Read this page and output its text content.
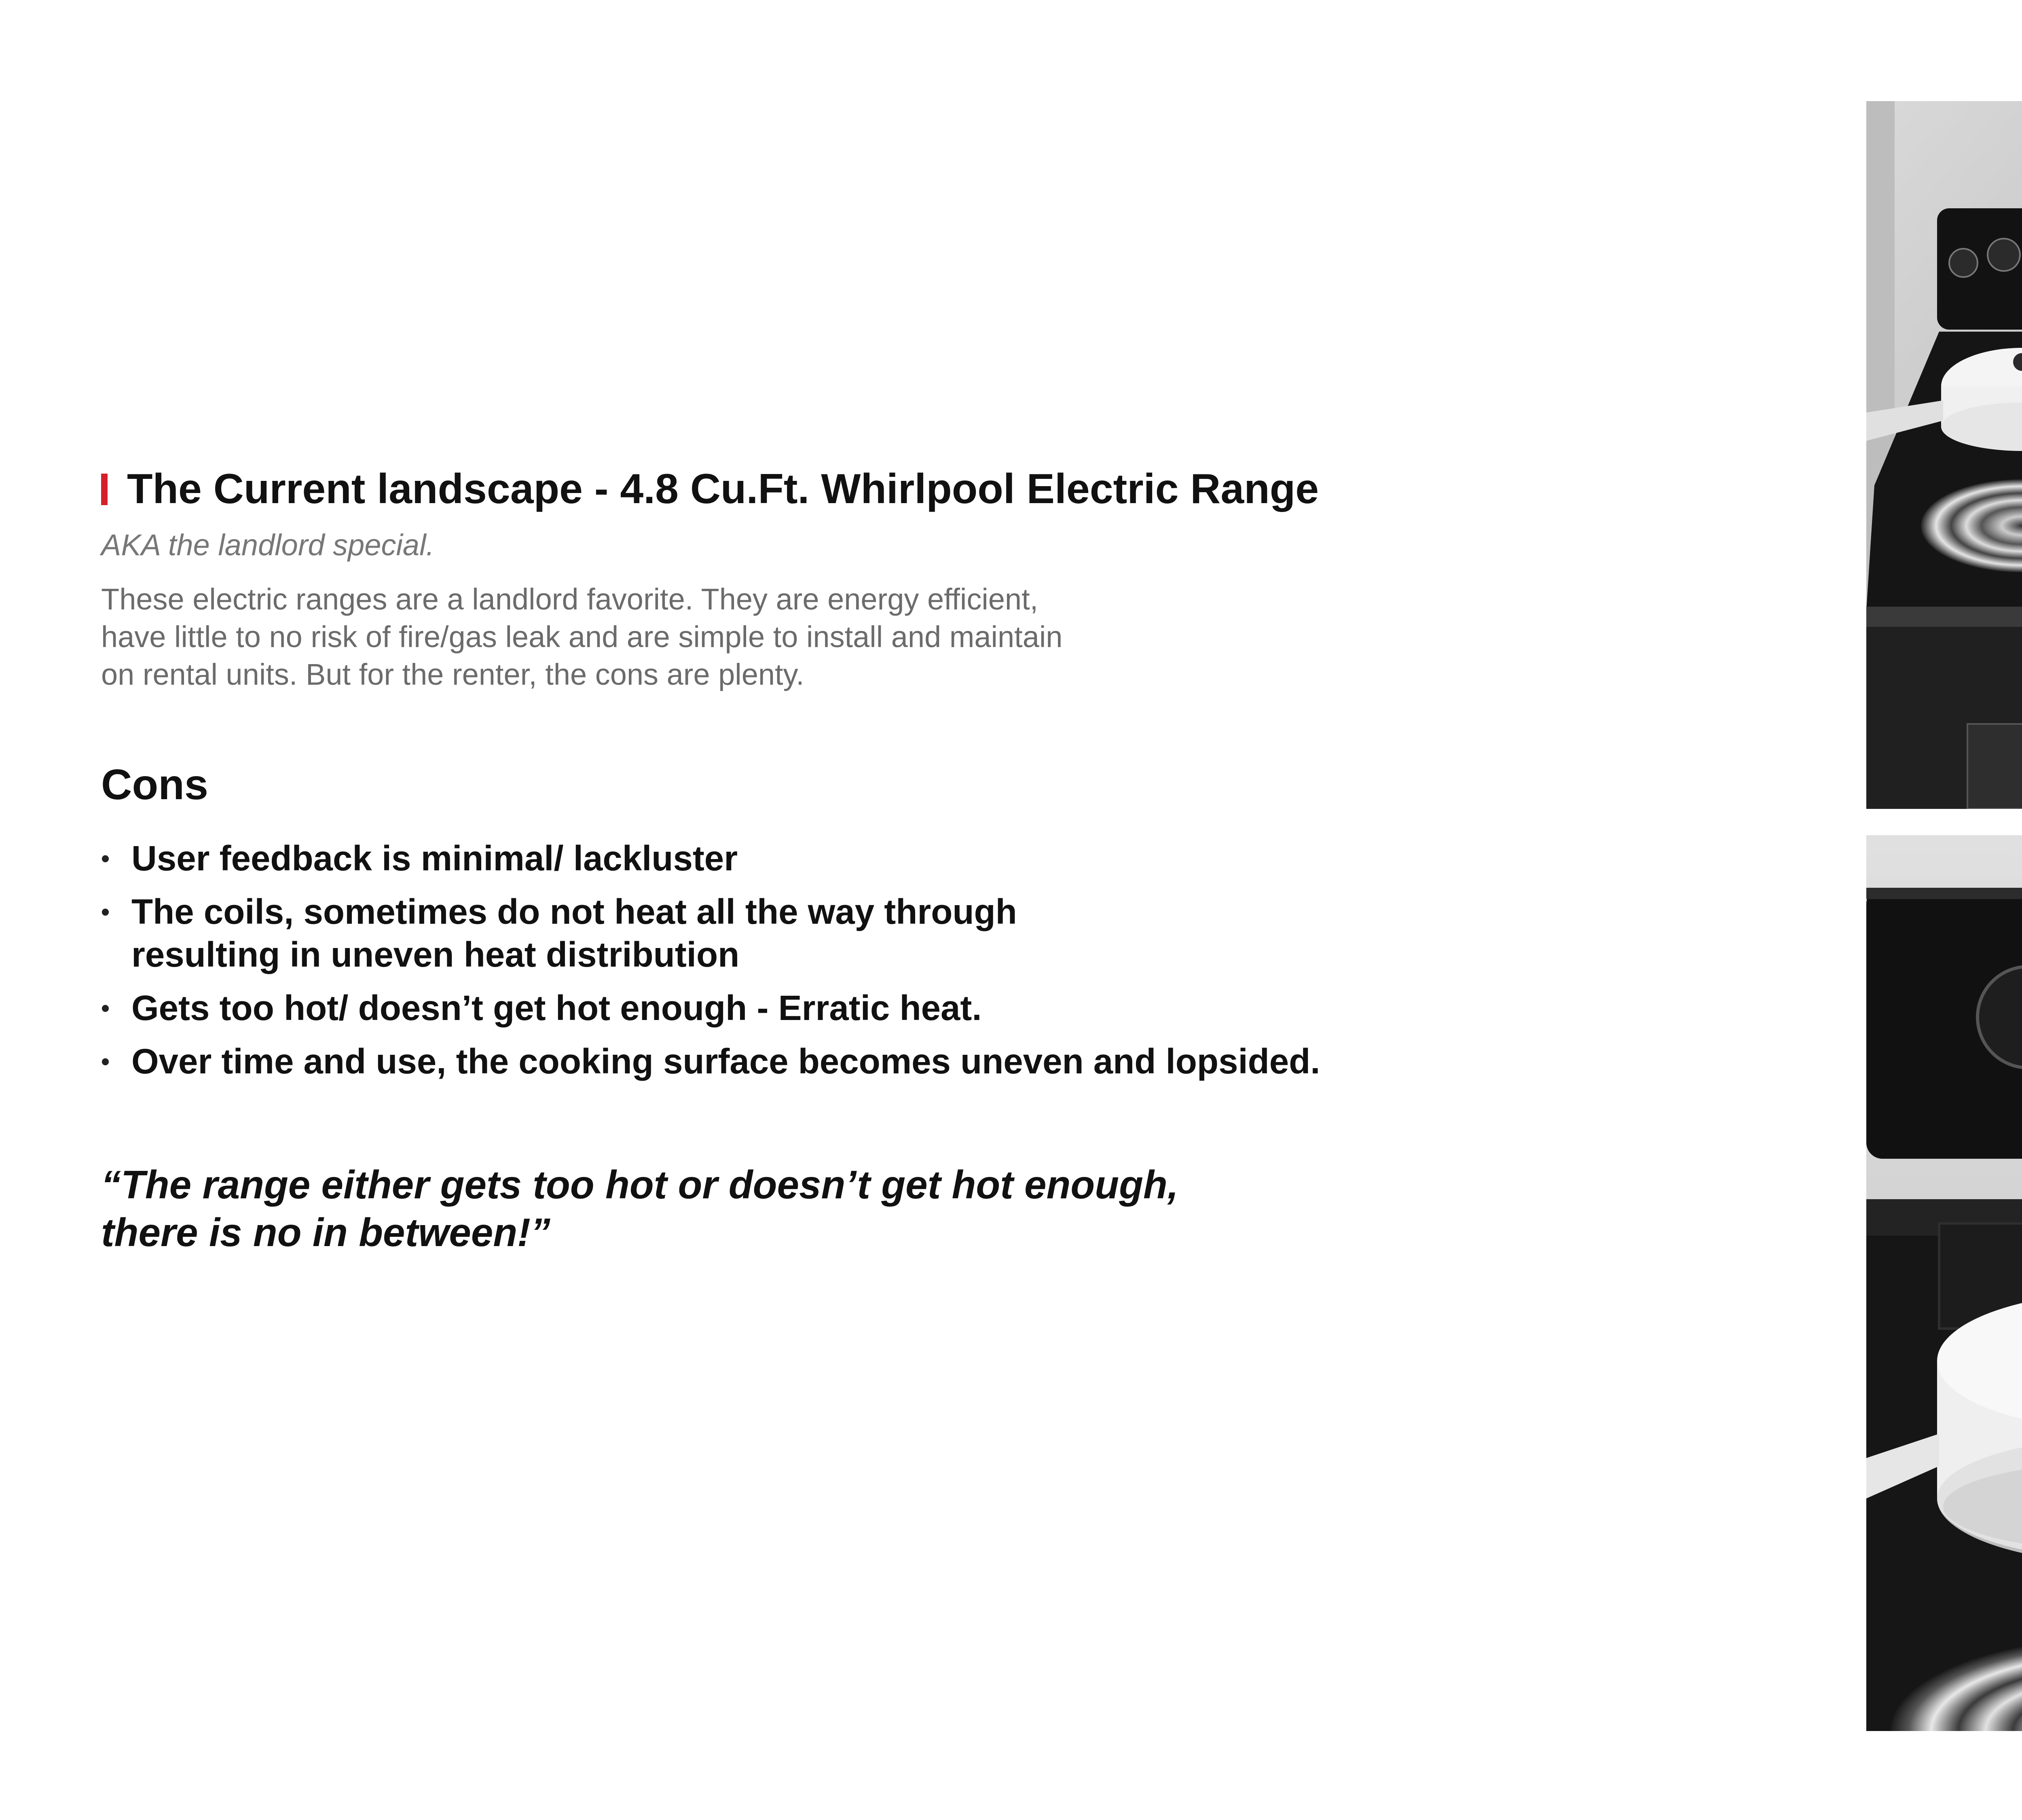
The Current landscape - 4.8 Cu.Ft. Whirlpool Electric Range
AKA the landlord special.

These electric ranges are a landlord favorite. They are energy efficient,

have little to no risk of fire/gas leak and are simple to install and maintain

on rental units. But for the renter, the cons are plenty.

Cons
• User feedback is minimal/ lackluster
• The coils, sometimes do not heat all the way through resulting in uneven heat distribution
• Gets too hot/ doesn’t get hot enough - Erratic heat.
• Over time and use, the cooking surface becomes uneven and lopsided.

“The range either gets too hot or doesn’t get hot enough,

there is no in between!”
